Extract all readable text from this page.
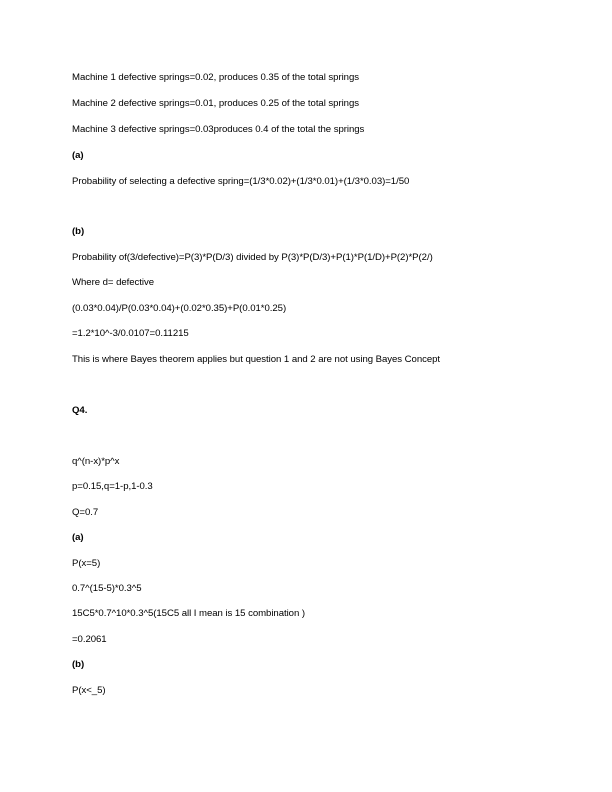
Machine 1 defective springs=0.02, produces 0.35 of the total springs
Machine 2 defective springs=0.01, produces 0.25 of the total springs
Machine 3 defective springs=0.03produces 0.4 of the total the springs
(a)
Probability of selecting a defective spring=(1/3*0.02)+(1/3*0.01)+(1/3*0.03)=1/50
(b)
Probability of(3/defective)=P(3)*P(D/3) divided by P(3)*P(D/3)+P(1)*P(1/D)+P(2)*P(2/)
Where d= defective
(0.03*0.04)/P(0.03*0.04)+(0.02*0.35)+P(0.01*0.25)
=1.2*10^-3/0.0107=0.11215
This is where Bayes theorem applies but question 1 and 2 are not using Bayes Concept
Q4.
q^(n-x)*p^x
p=0.15,q=1-p,1-0.3
Q=0.7
(a)
P(x=5)
0.7^(15-5)*0.3^5
15C5*0.7^10*0.3^5(15C5 all I mean is 15 combination )
=0.2061
(b)
P(x<_5)
